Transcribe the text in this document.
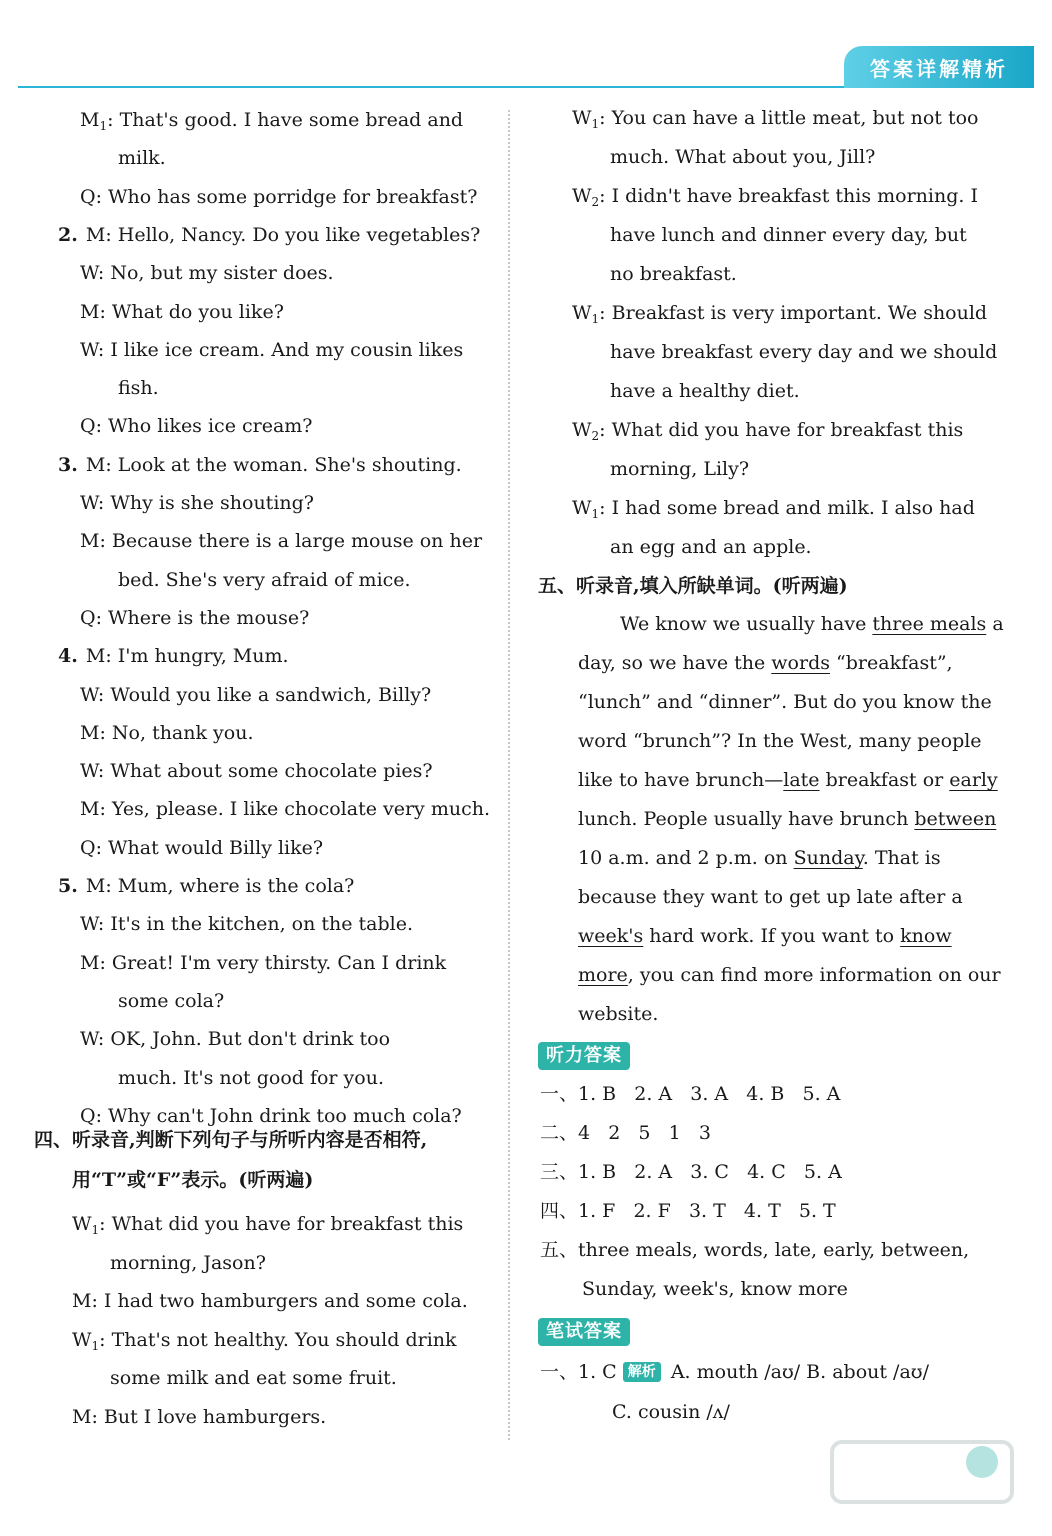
答案详解精析
$M_1$: That's good. I have some bread and
milk.
Q: Who has some porridge for breakfast?
2. M: Hello, Nancy. Do you like vegetables?
W: No, but my sister does.
M: What do you like?
W: I like ice cream. And my cousin likes
fish.
Q: Who likes ice cream?
3. M: Look at the woman. She's shouting.
W: Why is she shouting?
M: Because there is a large mouse on her
bed. She's very afraid of mice.
Q: Where is the mouse?
4. M: I'm hungry, Mum.
W: Would you like a sandwich, Billy?
M: No, thank you.
W: What about some chocolate pies?
M: Yes, please. I like chocolate very much.
Q: What would Billy like?
5. M: Mum, where is the cola?
W: It's in the kitchen, on the table.
M: Great! I'm very thirsty. Can I drink
some cola?
W: OK, John. But don't drink too
much. It's not good for you.
Q: Why can't John drink too much cola?
四、听录音,判断下列句子与所听内容是否相符,
用“T”或“F”表示。(听两遍)
$W_1$: What did you have for breakfast this
morning, Jason?
M: I had two hamburgers and some cola.
$W_1$: That's not healthy. You should drink
some milk and eat some fruit.
M: But I love hamburgers.
$W_1$: You can have a little meat, but not too
much. What about you, Jill?
$W_2$: I didn't have breakfast this morning. I
have lunch and dinner every day, but
no breakfast.
$W_1$: Breakfast is very important. We should
have breakfast every day and we should
have a healthy diet.
$W_2$: What did you have for breakfast this
morning, Lily?
$W_1$: I had some bread and milk. I also had
an egg and an apple.
五、听录音,填入所缺单词。(听两遍)
We know we usually have three meals a
day, so we have the words “breakfast”,
“lunch” and “dinner”. But do you know the
word “brunch”? In the West, many people
like to have brunch—late breakfast or early
lunch. People usually have brunch between
10 a.m. and 2 p.m. on Sunday. That is
because they want to get up late after a
week's hard work. If you want to know
more, you can find more information on our
website.
听力答案
一、1. B   2. A   3. A   4. B   5. A
二、4   2   5   1   3
三、1. B   2. A   3. C   4. C   5. A
四、1. F   2. F   3. T   4. T   5. T
五、three meals, words, late, early, between,
Sunday, week's, know more
笔试答案
一、1. C 解析 A. mouth /aʊ/ B. about /aʊ/
C. cousin /ʌ/
